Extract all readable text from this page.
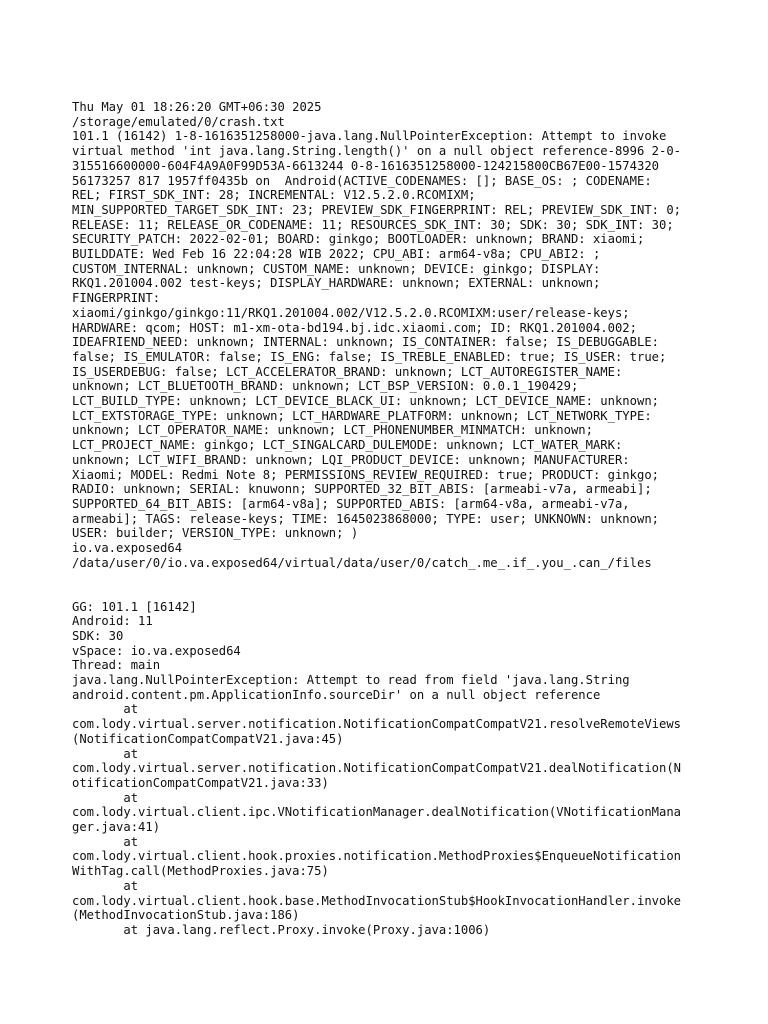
Thu May 01 18:26:20 GMT+06:30 2025
/storage/emulated/0/crash.txt
101.1 (16142) 1-8-1616351258000-java.lang.NullPointerException: Attempt to invoke
virtual method 'int java.lang.String.length()' on a null object reference-8996 2-0-
315516600000-604F4A9A0F99D53A-6613244 0-8-1616351258000-124215800CB67E00-1574320
56173257 817 1957ff0435b on  Android(ACTIVE_CODENAMES: []; BASE_OS: ; CODENAME:
REL; FIRST_SDK_INT: 28; INCREMENTAL: V12.5.2.0.RCOMIXM;
MIN_SUPPORTED_TARGET_SDK_INT: 23; PREVIEW_SDK_FINGERPRINT: REL; PREVIEW_SDK_INT: 0;
RELEASE: 11; RELEASE_OR_CODENAME: 11; RESOURCES_SDK_INT: 30; SDK: 30; SDK_INT: 30;
SECURITY_PATCH: 2022-02-01; BOARD: ginkgo; BOOTLOADER: unknown; BRAND: xiaomi;
BUILDDATE: Wed Feb 16 22:04:28 WIB 2022; CPU_ABI: arm64-v8a; CPU_ABI2: ;
CUSTOM_INTERNAL: unknown; CUSTOM_NAME: unknown; DEVICE: ginkgo; DISPLAY:
RKQ1.201004.002 test-keys; DISPLAY_HARDWARE: unknown; EXTERNAL: unknown;
FINGERPRINT:
xiaomi/ginkgo/ginkgo:11/RKQ1.201004.002/V12.5.2.0.RCOMIXM:user/release-keys;
HARDWARE: qcom; HOST: m1-xm-ota-bd194.bj.idc.xiaomi.com; ID: RKQ1.201004.002;
IDEAFRIEND_NEED: unknown; INTERNAL: unknown; IS_CONTAINER: false; IS_DEBUGGABLE:
false; IS_EMULATOR: false; IS_ENG: false; IS_TREBLE_ENABLED: true; IS_USER: true;
IS_USERDEBUG: false; LCT_ACCELERATOR_BRAND: unknown; LCT_AUTOREGISTER_NAME:
unknown; LCT_BLUETOOTH_BRAND: unknown; LCT_BSP_VERSION: 0.0.1_190429;
LCT_BUILD_TYPE: unknown; LCT_DEVICE_BLACK_UI: unknown; LCT_DEVICE_NAME: unknown;
LCT_EXTSTORAGE_TYPE: unknown; LCT_HARDWARE_PLATFORM: unknown; LCT_NETWORK_TYPE:
unknown; LCT_OPERATOR_NAME: unknown; LCT_PHONENUMBER_MINMATCH: unknown;
LCT_PROJECT_NAME: ginkgo; LCT_SINGALCARD_DULEMODE: unknown; LCT_WATER_MARK:
unknown; LCT_WIFI_BRAND: unknown; LQI_PRODUCT_DEVICE: unknown; MANUFACTURER:
Xiaomi; MODEL: Redmi Note 8; PERMISSIONS_REVIEW_REQUIRED: true; PRODUCT: ginkgo;
RADIO: unknown; SERIAL: knuwonn; SUPPORTED_32_BIT_ABIS: [armeabi-v7a, armeabi];
SUPPORTED_64_BIT_ABIS: [arm64-v8a]; SUPPORTED_ABIS: [arm64-v8a, armeabi-v7a,
armeabi]; TAGS: release-keys; TIME: 1645023868000; TYPE: user; UNKNOWN: unknown;
USER: builder; VERSION_TYPE: unknown; )
io.va.exposed64
/data/user/0/io.va.exposed64/virtual/data/user/0/catch_.me_.if_.you_.can_/files

GG: 101.1 [16142]
Android: 11
SDK: 30
vSpace: io.va.exposed64
Thread: main
java.lang.NullPointerException: Attempt to read from field 'java.lang.String
android.content.pm.ApplicationInfo.sourceDir' on a null object reference
at
com.lody.virtual.server.notification.NotificationCompatCompatV21.resolveRemoteViews
(NotificationCompatCompatV21.java:45)
at
com.lody.virtual.server.notification.NotificationCompatCompatV21.dealNotification(N
otificationCompatCompatV21.java:33)
at
com.lody.virtual.client.ipc.VNotificationManager.dealNotification(VNotificationMana
ger.java:41)
at
com.lody.virtual.client.hook.proxies.notification.MethodProxies$EnqueueNotification
WithTag.call(MethodProxies.java:75)
at
com.lody.virtual.client.hook.base.MethodInvocationStub$HookInvocationHandler.invoke
(MethodInvocationStub.java:186)
at java.lang.reflect.Proxy.invoke(Proxy.java:1006)
